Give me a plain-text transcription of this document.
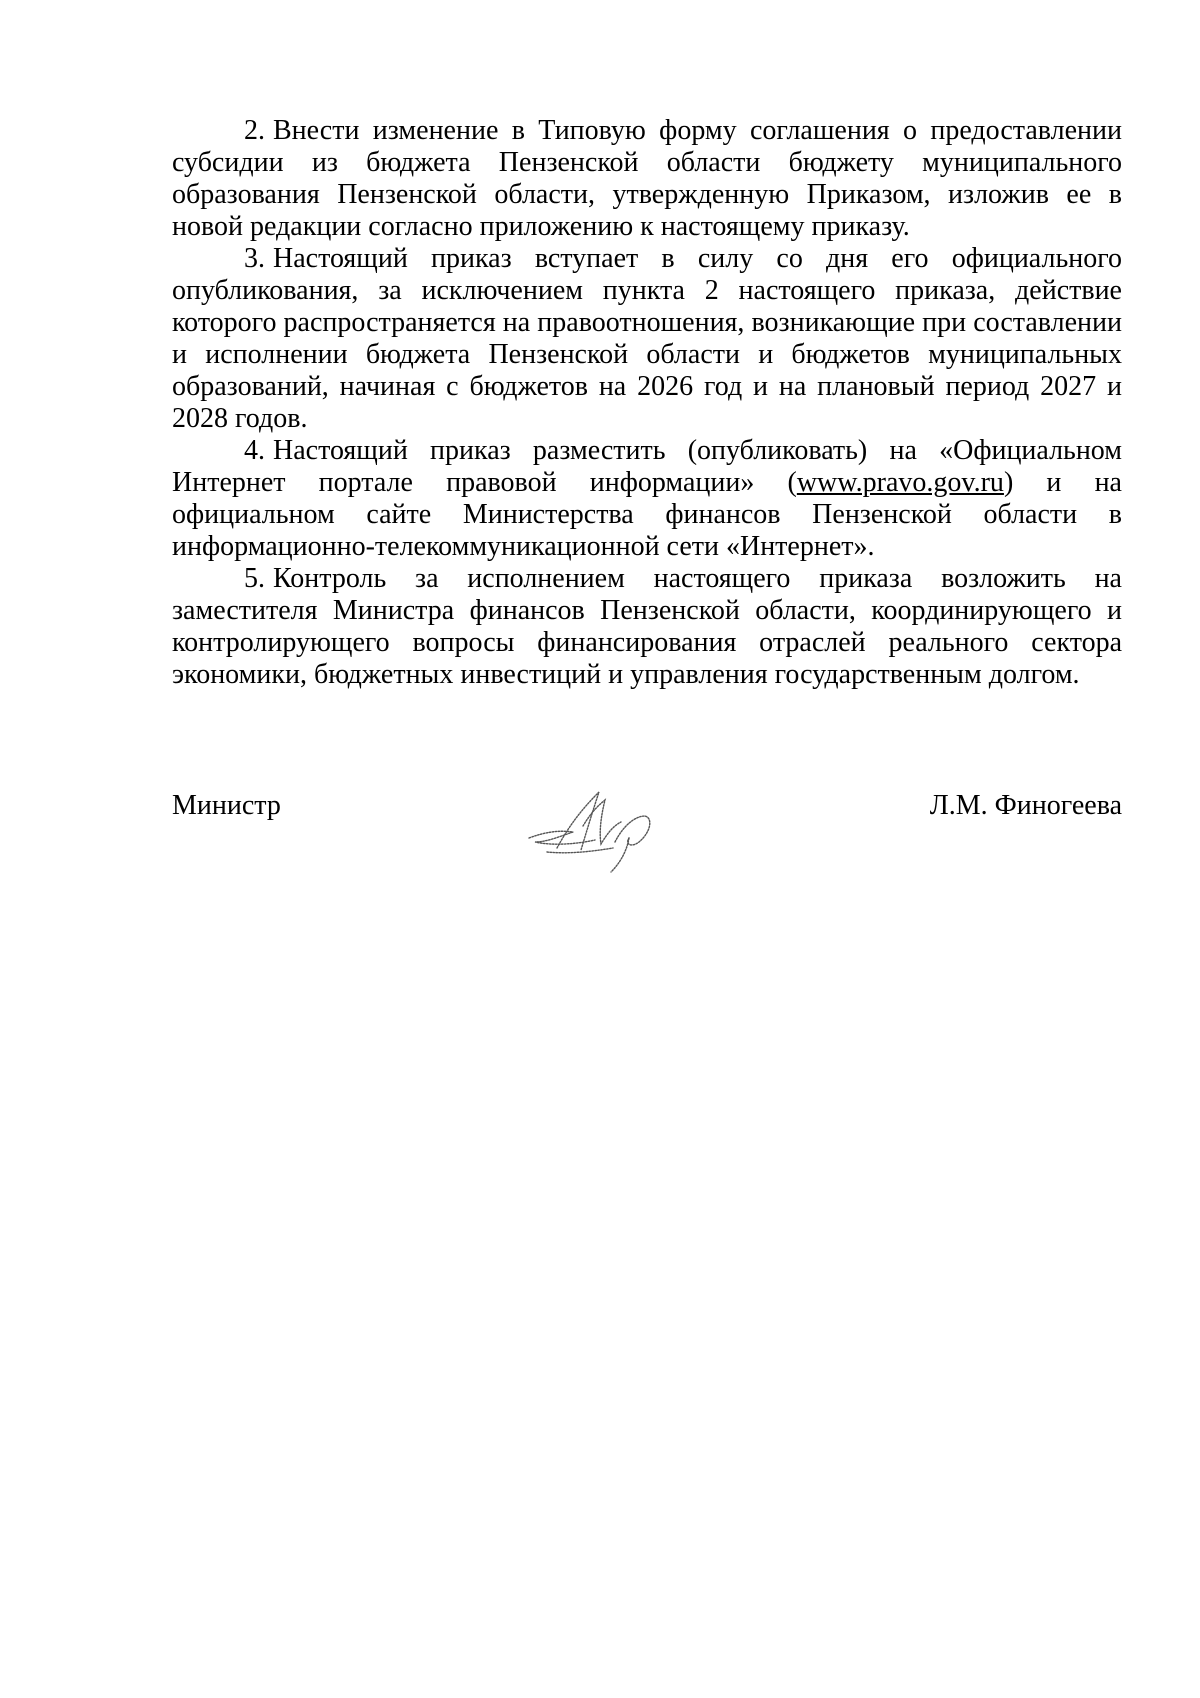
2. Внести изменение в Типовую форму соглашения о предоставлении субсидии из бюджета Пензенской области бюджету муниципального образования Пензенской области, утвержденную Приказом, изложив ее в новой редакции согласно приложению к настоящему приказу.

3. Настоящий приказ вступает в силу со дня его официального опубликования, за исключением пункта 2 настоящего приказа, действие которого распространяется на правоотношения, возникающие при составлении и исполнении бюджета Пензенской области и бюджетов муниципальных образований, начиная с бюджетов на 2026 год и на плановый период 2027 и 2028 годов.

4. Настоящий приказ разместить (опубликовать) на «Официальном Интернет портале правовой информации» (www.pravo.gov.ru) и на официальном сайте Министерства финансов Пензенской области в информационно-телекоммуникационной сети «Интернет».

5. Контроль за исполнением настоящего приказа возложить на заместителя Министра финансов Пензенской области, координирующего и контролирующего вопросы финансирования отраслей реального сектора экономики, бюджетных инвестиций и управления государственным долгом.

Министр	Л.М. Финогеева
